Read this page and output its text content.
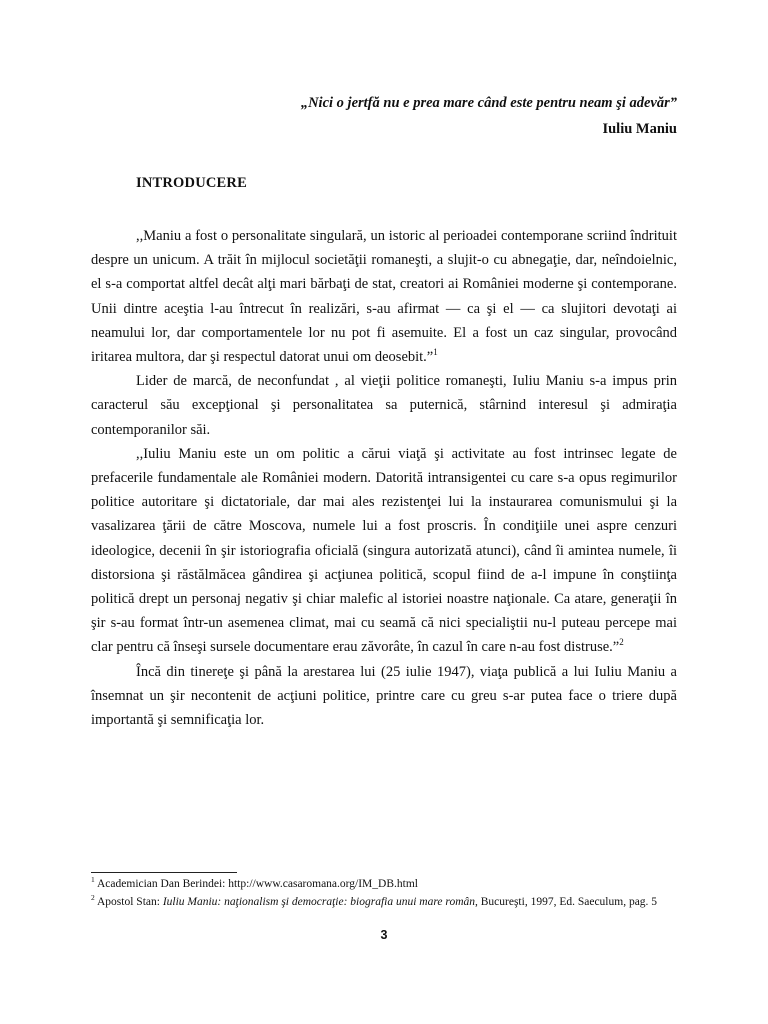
„Nici o jertfă nu e prea mare când este pentru neam şi adevăr”
Iuliu Maniu
INTRODUCERE

,,Maniu a fost o personalitate singulară, un istoric al perioadei contemporane scriind îndrituit despre un unicum. A trăit în mijlocul societăţii romaneşti, a slujit-o cu abnegaţie, dar, neîndoielnic, el s-a comportat altfel decât alţi mari bărbaţi de stat, creatori ai României moderne şi contemporane. Unii dintre aceştia l-au întrecut în realizări, s-au afirmat — ca şi el — ca slujitori devotaţi ai neamului lor, dar comportamentele lor nu pot fi asemuite. El a fost un caz singular, provocând iritarea multora, dar şi respectul datorat unui om deosebit.”$^1$

Lider de marcă, de neconfundat , al vieţii politice romaneşti, Iuliu Maniu s-a impus prin caracterul său excepţional şi personalitatea sa puternică, stârnind interesul şi admiraţia contemporanilor săi.

,,Iuliu Maniu este un om politic a cărui viaţă şi activitate au fost intrinsec legate de prefacerile fundamentale ale României modern. Datorită intransigentei cu care s-a opus regimurilor politice autoritare şi dictatoriale, dar mai ales rezistenţei lui la instaurarea comunismului şi la vasalizarea ţării de către Moscova, numele lui a fost proscris. În condiţiile unei aspre cenzuri ideologice, decenii în şir istoriografia oficială (singura autorizată atunci), când îi amintea numele, îi distorsiona şi răstălmăcea gândirea şi acţiunea politică, scopul fiind de a-l impune în conştiinţa politică drept un personaj negativ şi chiar malefic al istoriei noastre naţionale. Ca atare, generaţii în şir s-au format într-un asemenea climat, mai cu seamă că nici specialiştii nu-l puteau percepe mai clar pentru că înseşi sursele documentare erau zăvorâte, în cazul în care n-au fost distruse.”$^2$

Încă din tinereţe şi până la arestarea lui (25 iulie 1947), viaţa publică a lui Iuliu Maniu a însemnat un şir necontenit de acţiuni politice, printre care cu greu s-ar putea face o triere după importantă şi semnificaţia lor.

$^1$ Academician Dan Berindei: http://www.casaromana.org/IM_DB.html
$^2$ Apostol Stan: Iuliu Maniu: naţionalism şi democraţie: biografia unui mare român, Bucureşti, 1997, Ed. Saeculum, pag. 5
3
